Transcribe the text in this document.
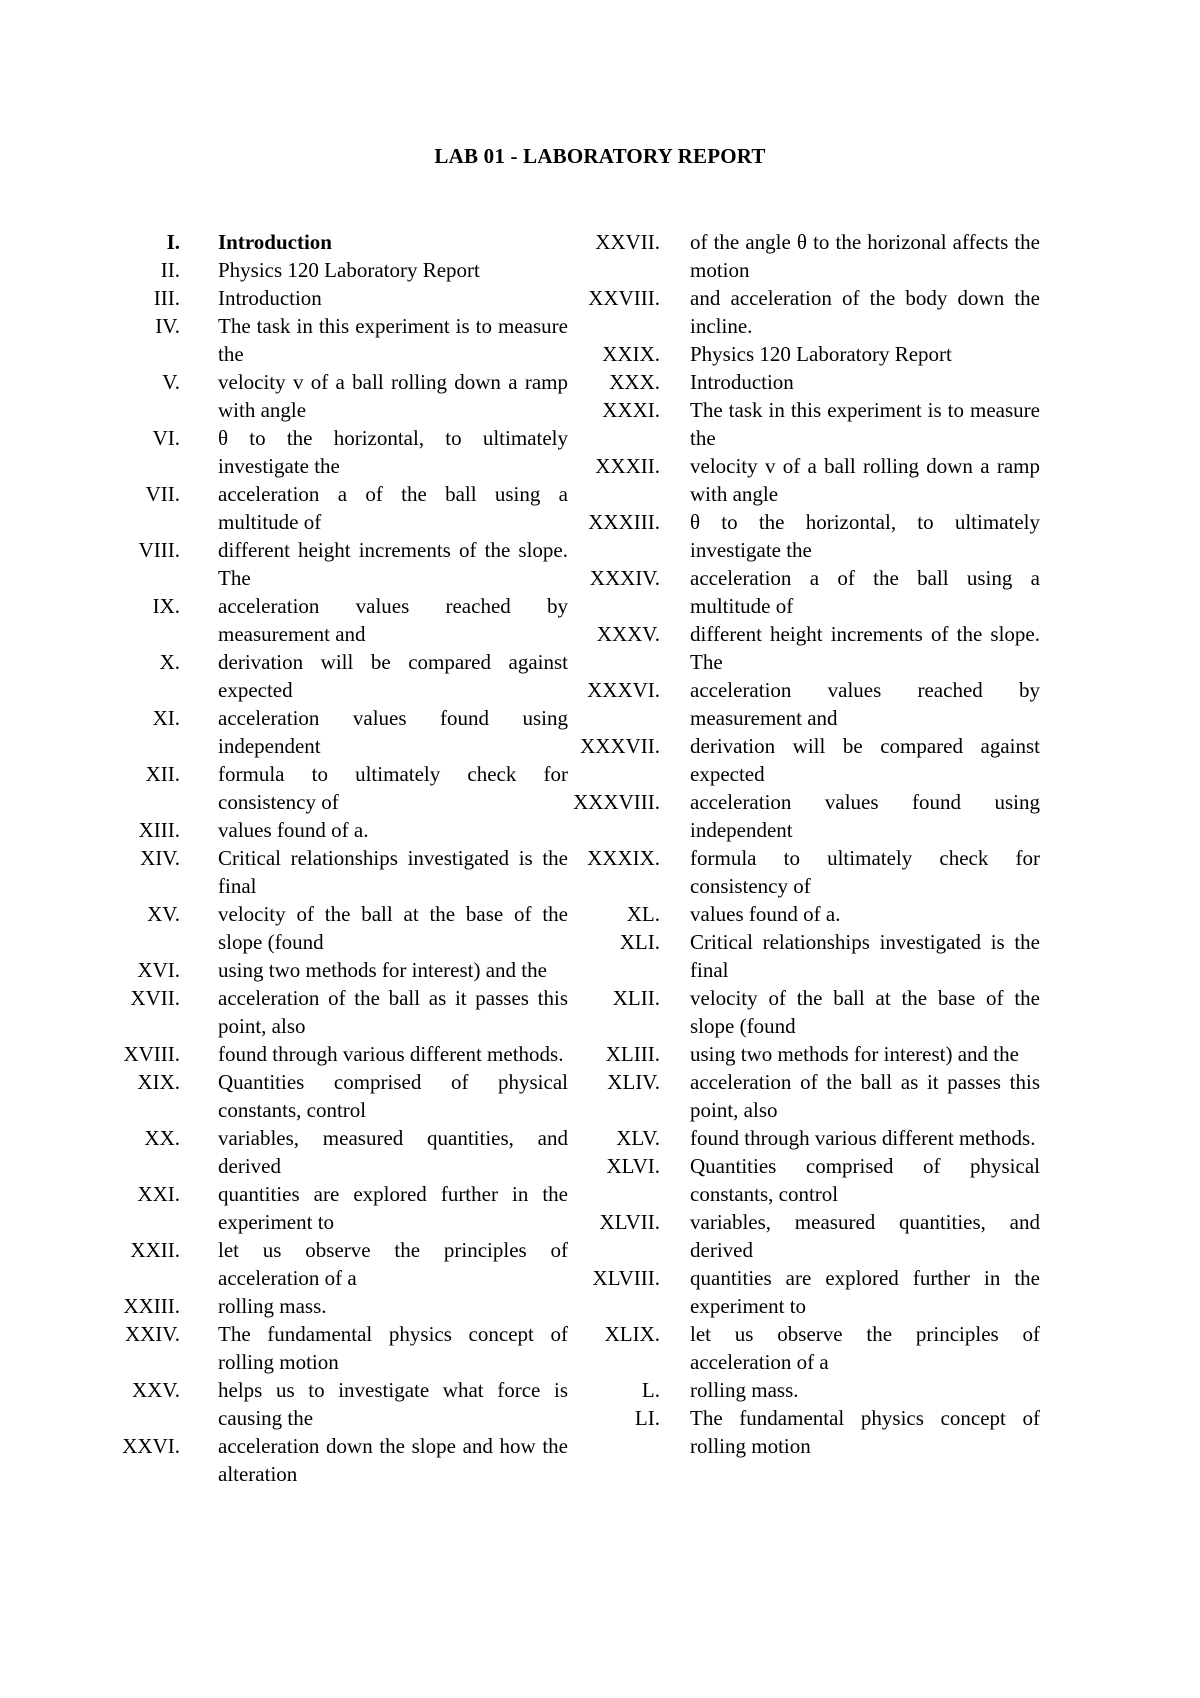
LAB 01 - LABORATORY REPORT
I.	Introduction
II.	Physics 120 Laboratory Report
III.	Introduction
IV.	The task in this experiment is to measure the
V.	velocity v of a ball rolling down a ramp with angle
VI.	θ to the horizontal, to ultimately investigate the
VII.	acceleration a of the ball using a multitude of
VIII.	different height increments of the slope. The
IX.	acceleration values reached by measurement and
X.	derivation will be compared against expected
XI.	acceleration values found using independent
XII.	formula to ultimately check for consistency of
XIII.	values found of a.
XIV.	Critical relationships investigated is the final
XV.	velocity of the ball at the base of the slope (found
XVI.	using two methods for interest) and the
XVII.	acceleration of the ball as it passes this point, also
XVIII.	found through various different methods.
XIX.	Quantities comprised of physical constants, control
XX.	variables, measured quantities, and derived
XXI.	quantities are explored further in the experiment to
XXII.	let us observe the principles of acceleration of a
XXIII.	rolling mass.
XXIV.	The fundamental physics concept of rolling motion
XXV.	helps us to investigate what force is causing the
XXVI.	acceleration down the slope and how the alteration
XXVII.	of the angle θ to the horizonal affects the motion
XXVIII.	and acceleration of the body down the incline.
XXIX.	Physics 120 Laboratory Report
XXX.	Introduction
XXXI.	The task in this experiment is to measure the
XXXII.	velocity v of a ball rolling down a ramp with angle
XXXIII.	θ to the horizontal, to ultimately investigate the
XXXIV.	acceleration a of the ball using a multitude of
XXXV.	different height increments of the slope. The
XXXVI.	acceleration values reached by measurement and
XXXVII.	derivation will be compared against expected
XXXVIII.	acceleration values found using independent
XXXIX.	formula to ultimately check for consistency of
XL.	values found of a.
XLI.	Critical relationships investigated is the final
XLII.	velocity of the ball at the base of the slope (found
XLIII.	using two methods for interest) and the
XLIV.	acceleration of the ball as it passes this point, also
XLV.	found through various different methods.
XLVI.	Quantities comprised of physical constants, control
XLVII.	variables, measured quantities, and derived
XLVIII.	quantities are explored further in the experiment to
XLIX.	let us observe the principles of acceleration of a
L.	rolling mass.
LI.	The fundamental physics concept of rolling motion
